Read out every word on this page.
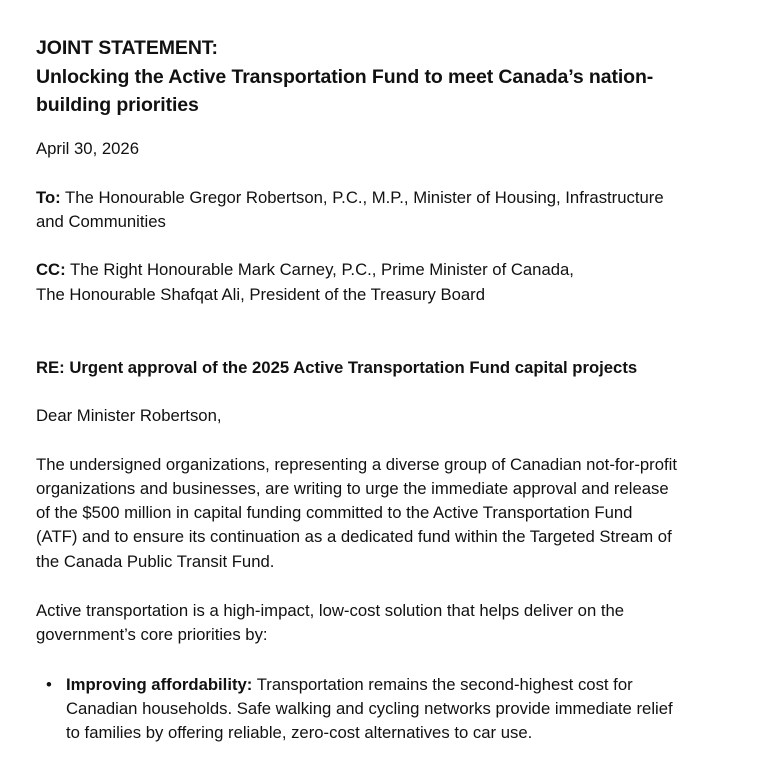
JOINT STATEMENT:
Unlocking the Active Transportation Fund to meet Canada’s nation-
building priorities

April 30, 2026

To: The Honourable Gregor Robertson, P.C., M.P., Minister of Housing, Infrastructure
and Communities

CC: The Right Honourable Mark Carney, P.C., Prime Minister of Canada,
The Honourable Shafqat Ali, President of the Treasury Board

RE: Urgent approval of the 2025 Active Transportation Fund capital projects

Dear Minister Robertson,

The undersigned organizations, representing a diverse group of Canadian not-for-profit
organizations and businesses, are writing to urge the immediate approval and release
of the $500 million in capital funding committed to the Active Transportation Fund
(ATF) and to ensure its continuation as a dedicated fund within the Targeted Stream of
the Canada Public Transit Fund.

Active transportation is a high-impact, low-cost solution that helps deliver on the
government’s core priorities by:

• Improving affordability: Transportation remains the second-highest cost for
Canadian households. Safe walking and cycling networks provide immediate relief
to families by offering reliable, zero-cost alternatives to car use.
